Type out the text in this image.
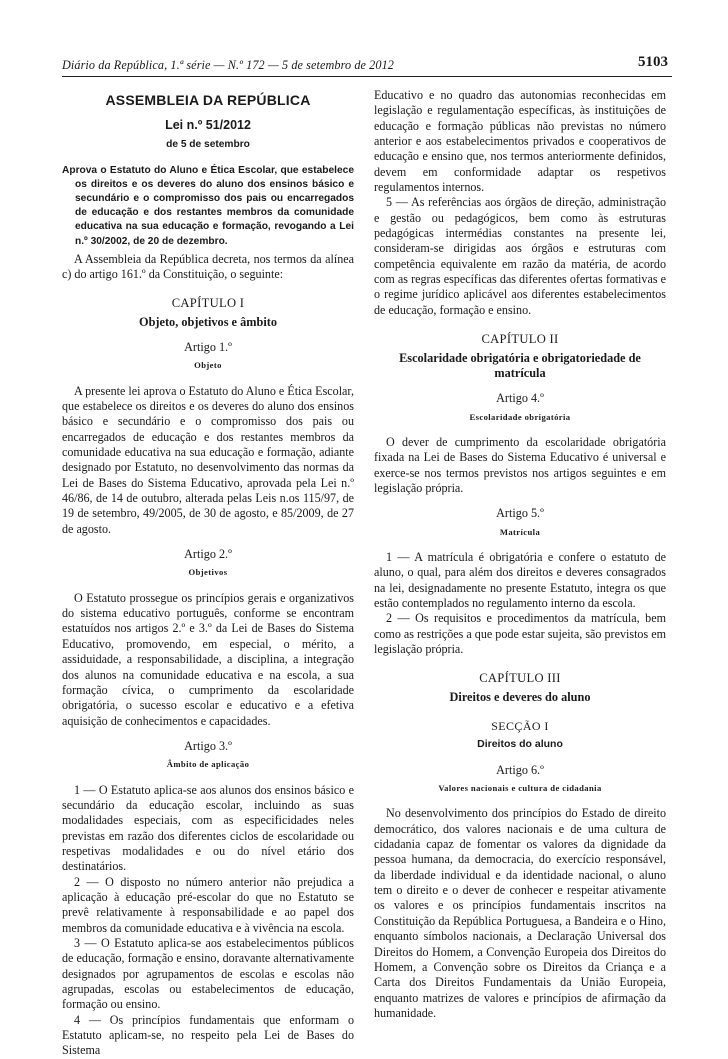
Diário da República, 1.ª série — N.º 172 — 5 de setembro de 2012	5103
ASSEMBLEIA DA REPÚBLICA
Lei n.º 51/2012
de 5 de setembro

Aprova o Estatuto do Aluno e Ética Escolar, que estabelece os direitos e os deveres do aluno dos ensinos básico e secundário e o compromisso dos pais ou encarregados de educação e dos restantes membros da comunidade educativa na sua educação e formação, revogando a Lei n.º 30/2002, de 20 de dezembro.

A Assembleia da República decreta, nos termos da alínea c) do artigo 161.º da Constituição, o seguinte:

CAPÍTULO I
Objeto, objetivos e âmbito
Artigo 1.º
Objeto

A presente lei aprova o Estatuto do Aluno e Ética Escolar, que estabelece os direitos e os deveres do aluno dos ensinos básico e secundário e o compromisso dos pais ou encarregados de educação e dos restantes membros da comunidade educativa na sua educação e formação, adiante designado por Estatuto, no desenvolvimento das normas da Lei de Bases do Sistema Educativo, aprovada pela Lei n.º 46/86, de 14 de outubro, alterada pelas Leis n.os 115/97, de 19 de setembro, 49/2005, de 30 de agosto, e 85/2009, de 27 de agosto.

Artigo 2.º
Objetivos

O Estatuto prossegue os princípios gerais e organizativos do sistema educativo português, conforme se encontram estatuídos nos artigos 2.º e 3.º da Lei de Bases do Sistema Educativo, promovendo, em especial, o mérito, a assiduidade, a responsabilidade, a disciplina, a integração dos alunos na comunidade educativa e na escola, a sua formação cívica, o cumprimento da escolaridade obrigatória, o sucesso escolar e educativo e a efetiva aquisição de conhecimentos e capacidades.

Artigo 3.º
Âmbito de aplicação

1 — O Estatuto aplica-se aos alunos dos ensinos básico e secundário da educação escolar, incluindo as suas modalidades especiais, com as especificidades neles previstas em razão dos diferentes ciclos de escolaridade ou respetivas modalidades e ou do nível etário dos destinatários.

2 — O disposto no número anterior não prejudica a aplicação à educação pré-escolar do que no Estatuto se prevê relativamente à responsabilidade e ao papel dos membros da comunidade educativa e à vivência na escola.

3 — O Estatuto aplica-se aos estabelecimentos públicos de educação, formação e ensino, doravante alternativamente designados por agrupamentos de escolas e escolas não agrupadas, escolas ou estabelecimentos de educação, formação ou ensino.

4 — Os princípios fundamentais que enformam o Estatuto aplicam-se, no respeito pela Lei de Bases do Sistema

Educativo e no quadro das autonomias reconhecidas em legislação e regulamentação específicas, às instituições de educação e formação públicas não previstas no número anterior e aos estabelecimentos privados e cooperativos de educação e ensino que, nos termos anteriormente definidos, devem em conformidade adaptar os respetivos regulamentos internos.

5 — As referências aos órgãos de direção, administração e gestão ou pedagógicos, bem como às estruturas pedagógicas intermédias constantes na presente lei, consideram-se dirigidas aos órgãos e estruturas com competência equivalente em razão da matéria, de acordo com as regras específicas das diferentes ofertas formativas e o regime jurídico aplicável aos diferentes estabelecimentos de educação, formação e ensino.

CAPÍTULO II
Escolaridade obrigatória e obrigatoriedade de matrícula
Artigo 4.º
Escolaridade obrigatória

O dever de cumprimento da escolaridade obrigatória fixada na Lei de Bases do Sistema Educativo é universal e exerce-se nos termos previstos nos artigos seguintes e em legislação própria.

Artigo 5.º
Matrícula

1 — A matrícula é obrigatória e confere o estatuto de aluno, o qual, para além dos direitos e deveres consagrados na lei, designadamente no presente Estatuto, integra os que estão contemplados no regulamento interno da escola.

2 — Os requisitos e procedimentos da matrícula, bem como as restrições a que pode estar sujeita, são previstos em legislação própria.

CAPÍTULO III
Direitos e deveres do aluno
SECÇÃO I
Direitos do aluno
Artigo 6.º
Valores nacionais e cultura de cidadania

No desenvolvimento dos princípios do Estado de direito democrático, dos valores nacionais e de uma cultura de cidadania capaz de fomentar os valores da dignidade da pessoa humana, da democracia, do exercício responsável, da liberdade individual e da identidade nacional, o aluno tem o direito e o dever de conhecer e respeitar ativamente os valores e os princípios fundamentais inscritos na Constituição da República Portuguesa, a Bandeira e o Hino, enquanto símbolos nacionais, a Declaração Universal dos Direitos do Homem, a Convenção Europeia dos Direitos do Homem, a Convenção sobre os Direitos da Criança e a Carta dos Direitos Fundamentais da União Europeia, enquanto matrizes de valores e princípios de afirmação da humanidade.
